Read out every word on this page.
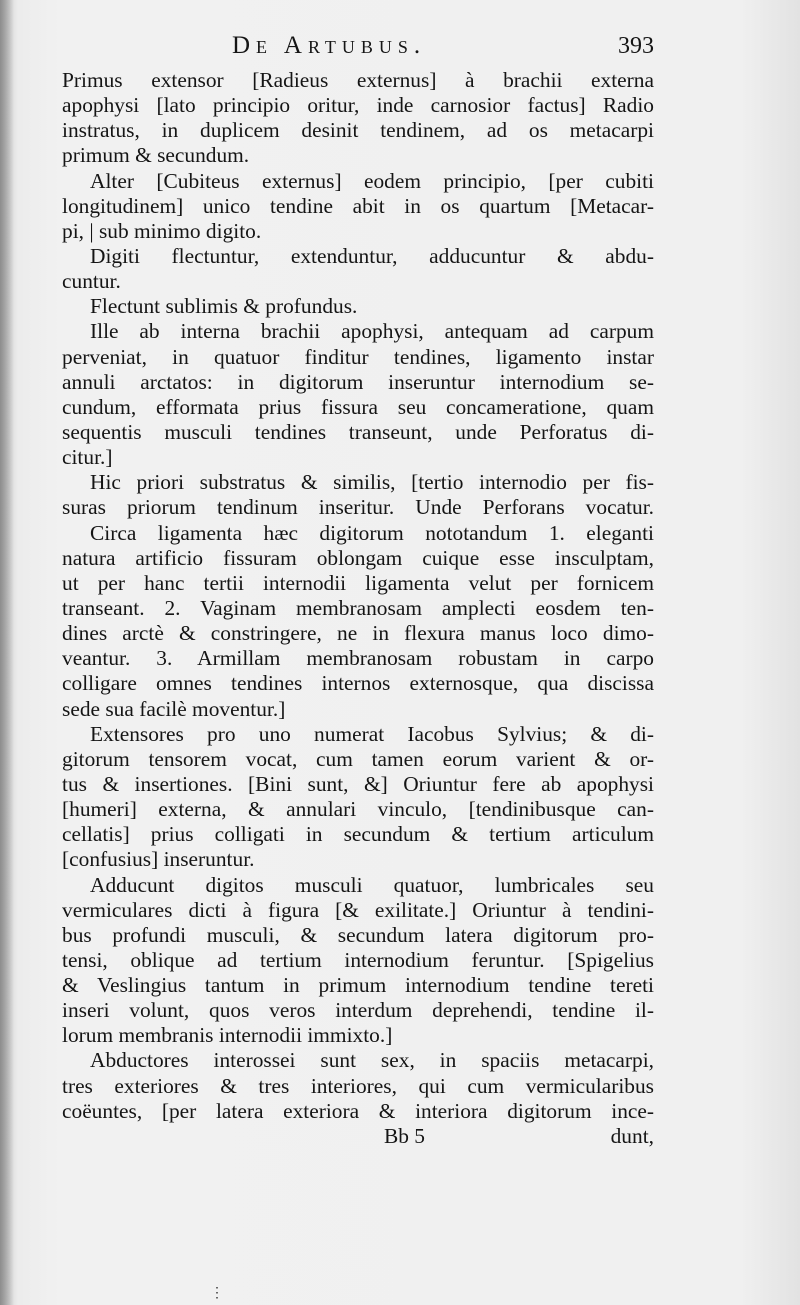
De Artubus.	393
Primus extensor [Radieus externus] à brachii externa
apophysi [lato principio oritur, inde carnosior factus] Radio
instratus, in duplicem desinit tendinem, ad os metacarpi
primum & secundum.
Alter [Cubiteus externus] eodem principio, [per cubiti
longitudinem] unico tendine abit in os quartum [Metacar-
pi, | sub minimo digito.
Digiti flectuntur, extenduntur, adducuntur & abdu-
cuntur.
Flectunt sublimis & profundus.
Ille ab interna brachii apophysi, antequam ad carpum
perveniat, in quatuor finditur tendines, ligamento instar
annuli arctatos: in digitorum inseruntur internodium se-
cundum, efformata prius fissura seu concameratione, quam
sequentis musculi tendines transeunt, unde Perforatus di-
citur.]
Hic priori substratus & similis, [tertio internodio per fis-
suras priorum tendinum inseritur. Unde Perforans vocatur.
Circa ligamenta hæc digitorum nototandum 1. eleganti
natura artificio fissuram oblongam cuique esse insculptam,
ut per hanc tertii internodii ligamenta velut per fornicem
transeant. 2. Vaginam membranosam amplecti eosdem ten-
dines arctè & constringere, ne in flexura manus loco dimo-
veantur. 3. Armillam membranosam robustam in carpo
colligare omnes tendines internos externosque, qua discissa
sede sua facilè moventur.]
Extensores pro uno numerat Iacobus Sylvius; & di-
gitorum tensorem vocat, cum tamen eorum varient & or-
tus & insertiones. [Bini sunt, &] Oriuntur fere ab apophysi
[humeri] externa, & annulari vinculo, [tendinibusque can-
cellatis] prius colligati in secundum & tertium articulum
[confusius] inseruntur.
Adducunt digitos musculi quatuor, lumbricales seu
vermiculares dicti à figura [& exilitate.] Oriuntur à tendini-
bus profundi musculi, & secundum latera digitorum pro-
tensi, oblique ad tertium internodium feruntur. [Spigelius
& Veslingius tantum in primum internodium tendine tereti
inseri volunt, quos veros interdum deprehendi, tendine il-
lorum membranis internodii immixto.]
Abductores interossei sunt sex, in spaciis metacarpi,
tres exteriores & tres interiores, qui cum vermicularibus
coëuntes, [per latera exteriora & interiora digitorum ince-
Bb 5	dunt,
⋮
